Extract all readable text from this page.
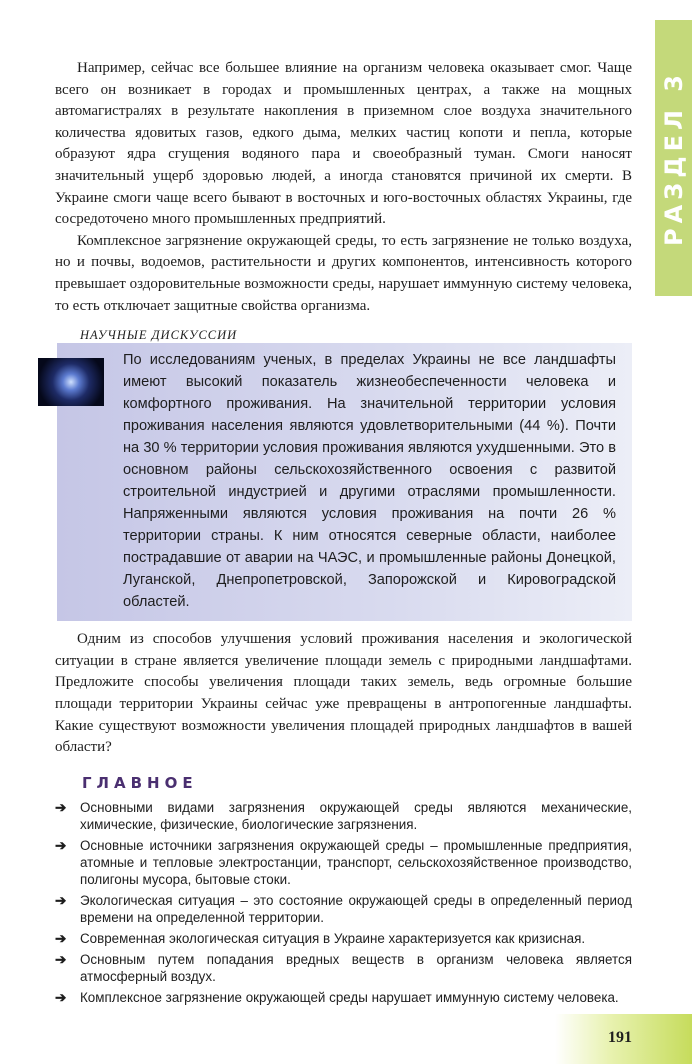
РАЗДЕЛ 3

Например, сейчас все большее влияние на организм человека оказывает смог. Чаще всего он возникает в городах и промышленных центрах, а также на мощных автомагистралях в результате накопления в приземном слое воздуха значительного количества ядовитых газов, едкого дыма, мелких частиц копоти и пепла, которые образуют ядра сгущения водяного пара и своеобразный туман. Смоги наносят значительный ущерб здоровью людей, а иногда становятся причиной их смерти. В Украине смоги чаще всего бывают в восточных и юго-восточных областях Украины, где сосредоточено много промышленных предприятий.

Комплексное загрязнение окружающей среды, то есть загрязнение не только воздуха, но и почвы, водоемов, растительности и других компонентов, интенсивность которого превышает оздоровительные возможности среды, нарушает иммунную систему человека, то есть отключает защитные свойства организма.

НАУЧНЫЕ ДИСКУССИИ
По исследованиям ученых, в пределах Украины не все ландшафты имеют высокий показатель жизнеобеспеченности человека и комфортного проживания. На значительной территории условия проживания населения являются удовлетворительными (44 %). Почти на 30 % территории условия проживания являются ухудшенными. Это в основном районы сельскохозяйственного освоения с развитой строительной индустрией и другими отраслями промышленности. Напряженными являются условия проживания на почти 26 % территории страны. К ним относятся северные области, наиболее пострадавшие от аварии на ЧАЭС, и промышленные районы Донецкой, Луганской, Днепропетровской, Запорожской и Кировоградской областей.

Одним из способов улучшения условий проживания населения и экологической ситуации в стране является увеличение площади земель с природными ландшафтами. Предложите способы увеличения площади таких земель, ведь огромные большие площади территории Украины сейчас уже превращены в антропогенные ландшафты. Какие существуют возможности увеличения площадей природных ландшафтов в вашей области?

ГЛАВНОЕ
➔ Основными видами загрязнения окружающей среды являются механические, химические, физические, биологические загрязнения.
➔ Основные источники загрязнения окружающей среды – промышленные предприятия, атомные и тепловые электростанции, транспорт, сельскохозяйственное производство, полигоны мусора, бытовые стоки.
➔ Экологическая ситуация – это состояние окружающей среды в определенный период времени на определенной территории.
➔ Современная экологическая ситуация в Украине характеризуется как кризисная.
➔ Основным путем попадания вредных веществ в организм человека является атмосферный воздух.
➔ Комплексное загрязнение окружающей среды нарушает иммунную систему человека.
191
